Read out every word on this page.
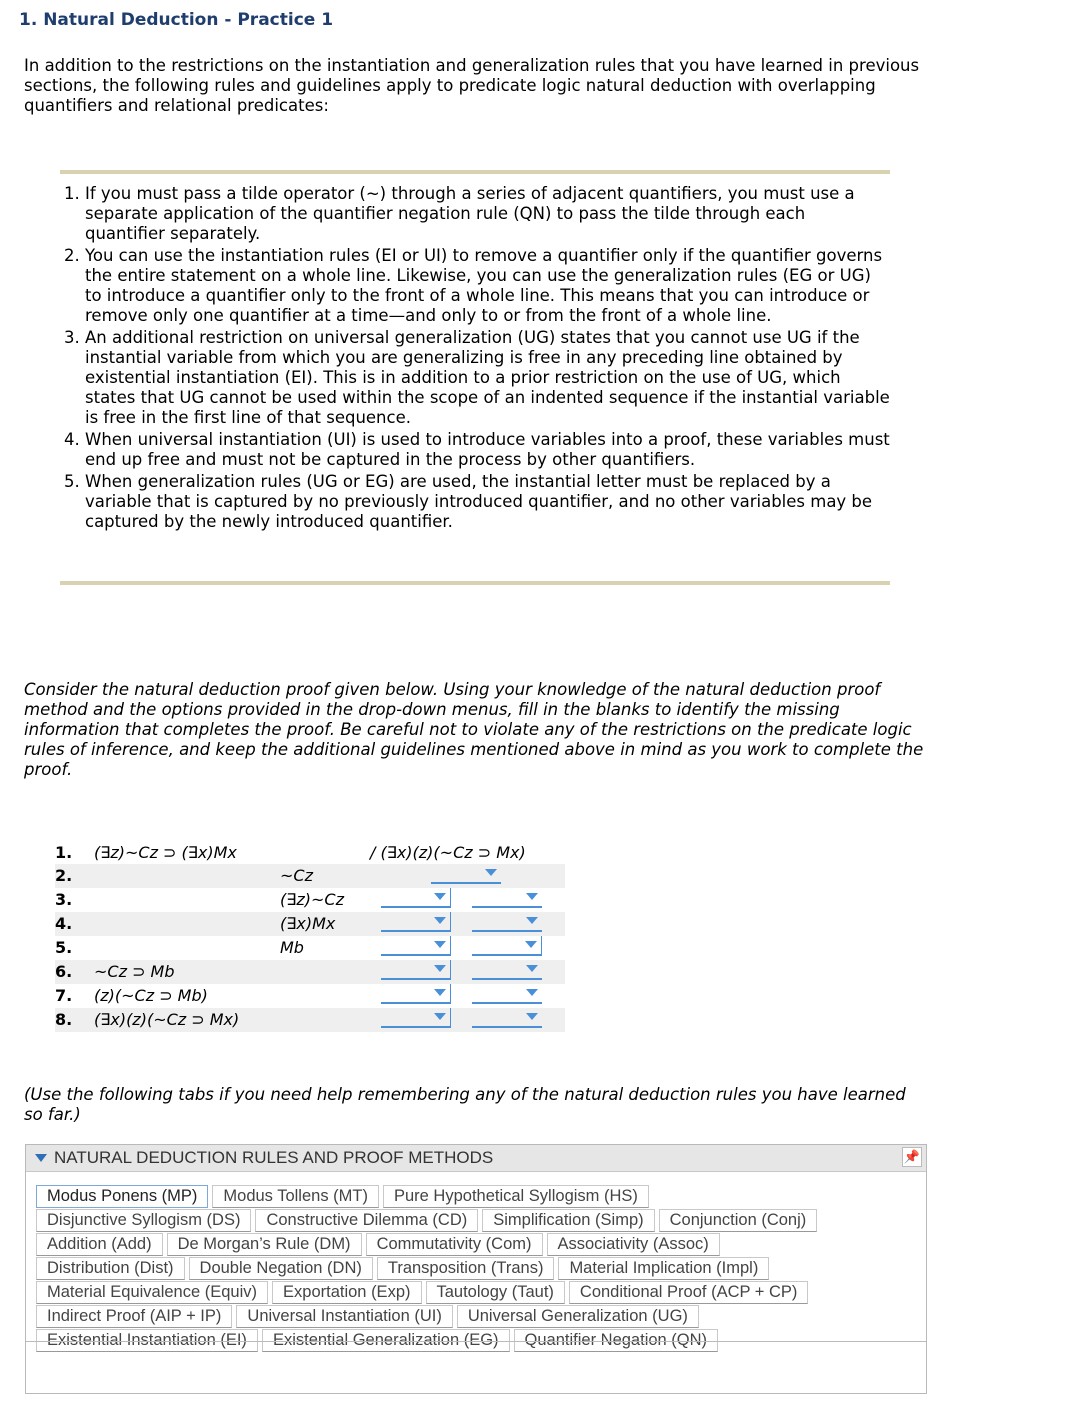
1. Natural Deduction - Practice 1
In addition to the restrictions on the instantiation and generalization rules that you have learned in previous sections, the following rules and guidelines apply to predicate logic natural deduction with overlapping quantifiers and relational predicates:
1. If you must pass a tilde operator (~) through a series of adjacent quantifiers, you must use a separate application of the quantifier negation rule (QN) to pass the tilde through each quantifier separately.
2. You can use the instantiation rules (EI or UI) to remove a quantifier only if the quantifier governs the entire statement on a whole line. Likewise, you can use the generalization rules (EG or UG) to introduce a quantifier only to the front of a whole line. This means that you can introduce or remove only one quantifier at a time—and only to or from the front of a whole line.
3. An additional restriction on universal generalization (UG) states that you cannot use UG if the instantial variable from which you are generalizing is free in any preceding line obtained by existential instantiation (EI). This is in addition to a prior restriction on the use of UG, which states that UG cannot be used within the scope of an indented sequence if the instantial variable is free in the first line of that sequence.
4. When universal instantiation (UI) is used to introduce variables into a proof, these variables must end up free and must not be captured in the process by other quantifiers.
5. When generalization rules (UG or EG) are used, the instantial letter must be replaced by a variable that is captured by no previously introduced quantifier, and no other variables may be captured by the newly introduced quantifier.
Consider the natural deduction proof given below. Using your knowledge of the natural deduction proof method and the options provided in the drop-down menus, fill in the blanks to identify the missing information that completes the proof. Be careful not to violate any of the restrictions on the predicate logic rules of inference, and keep the additional guidelines mentioned above in mind as you work to complete the proof.
1. (∃z)~Cz ⊃ (∃x)Mx	/ (∃x)(z)(~Cz ⊃ Mx)
2.	~Cz
3.	(∃z)~Cz
4.	(∃x)Mx
5.	Mb
6. ~Cz ⊃ Mb
7. (z)(~Cz ⊃ Mb)
8. (∃x)(z)(~Cz ⊃ Mx)
(Use the following tabs if you need help remembering any of the natural deduction rules you have learned so far.)
NATURAL DEDUCTION RULES AND PROOF METHODS	📌
Modus Ponens (MP) Modus Tollens (MT) Pure Hypothetical Syllogism (HS)
Disjunctive Syllogism (DS) Constructive Dilemma (CD) Simplification (Simp) Conjunction (Conj)
Addition (Add) De Morgan’s Rule (DM) Commutativity (Com) Associativity (Assoc)
Distribution (Dist) Double Negation (DN) Transposition (Trans) Material Implication (Impl)
Material Equivalence (Equiv) Exportation (Exp) Tautology (Taut) Conditional Proof (ACP + CP)
Indirect Proof (AIP + IP) Universal Instantiation (UI) Universal Generalization (UG)
Existential Instantiation (EI) Existential Generalization (EG) Quantifier Negation (QN)
